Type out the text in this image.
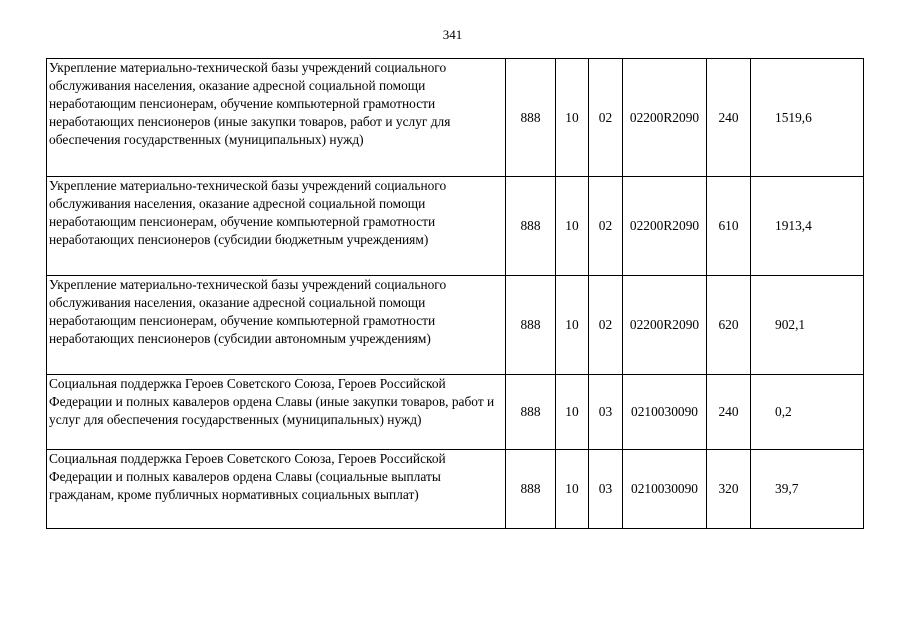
341
Укрепление материально-технической базы учреждений социального обслуживания населения, оказание адресной социальной помощи неработающим пенсионерам, обучение компьютерной грамотности неработающих пенсионеров (иные закупки товаров, работ и услуг для обеспечения государственных (муниципальных) нужд)	888	10	02	02200R2090	240	1519,6

Укрепление материально-технической базы учреждений социального обслуживания населения, оказание адресной социальной помощи неработающим пенсионерам, обучение компьютерной грамотности неработающих пенсионеров (субсидии бюджетным учреждениям)	888	10	02	02200R2090	610	1913,4

Укрепление материально-технической базы учреждений социального обслуживания населения, оказание адресной социальной помощи неработающим пенсионерам, обучение компьютерной грамотности неработающих пенсионеров (субсидии автономным учреждениям)	888	10	02	02200R2090	620	902,1

Социальная поддержка Героев Советского Союза, Героев Российской Федерации и полных кавалеров ордена Славы (иные закупки товаров, работ и услуг для обеспечения государственных (муниципальных) нужд)	888	10	03	0210030090	240	0,2

Социальная поддержка Героев Советского Союза, Героев Российской Федерации и полных кавалеров ордена Славы (социальные выплаты гражданам, кроме публичных нормативных социальных выплат)	888	10	03	0210030090	320	39,7
